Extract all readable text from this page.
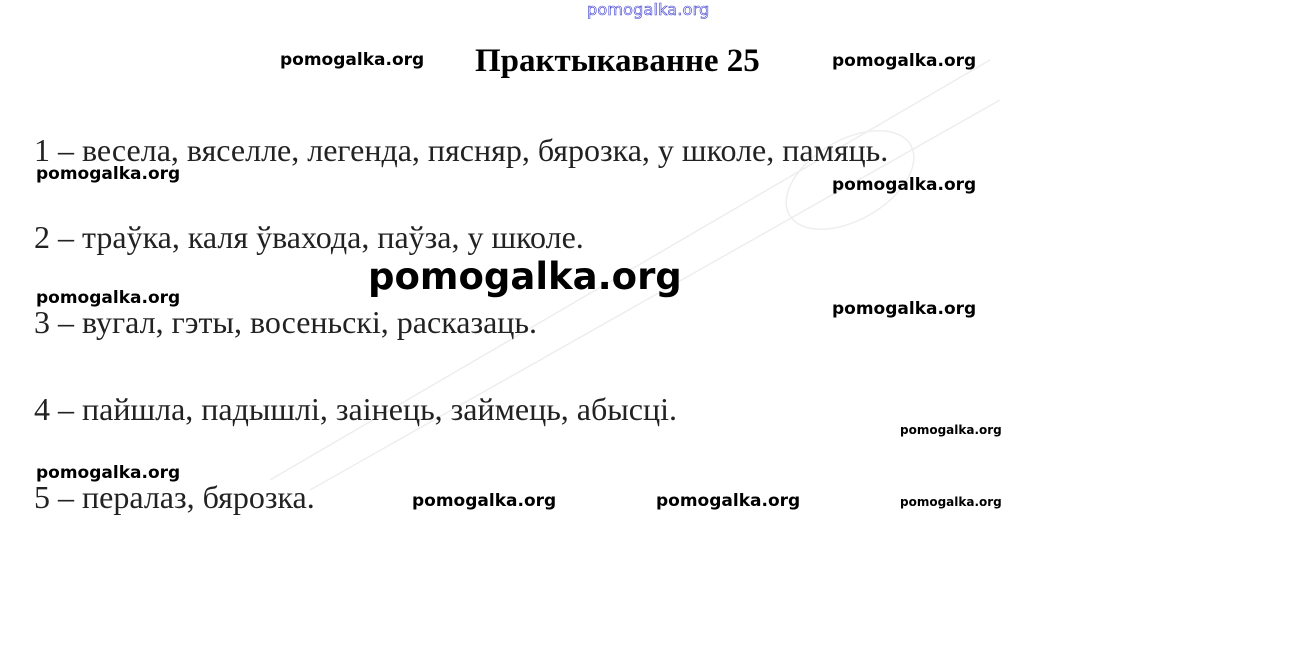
pomogalka.org
Практыкаванне 25
1 – весела, вяселле, легенда, пясняр, бярозка, у школе, памяць.
2 – траўка, каля ўвахода, паўза, у школе.
3 – вугал, гэты, восеньскі, расказаць.
4 – пайшла, падышлі, заінець, займець, абысці.
5 – пералаз, бярозка.
pomogalka.org	pomogalka.org
pomogalka.org
pomogalka.org
pomogalka.org
pomogalka.org
pomogalka.org
pomogalka.org
pomogalka.org
pomogalka.org	pomogalka.org	pomogalka.org
